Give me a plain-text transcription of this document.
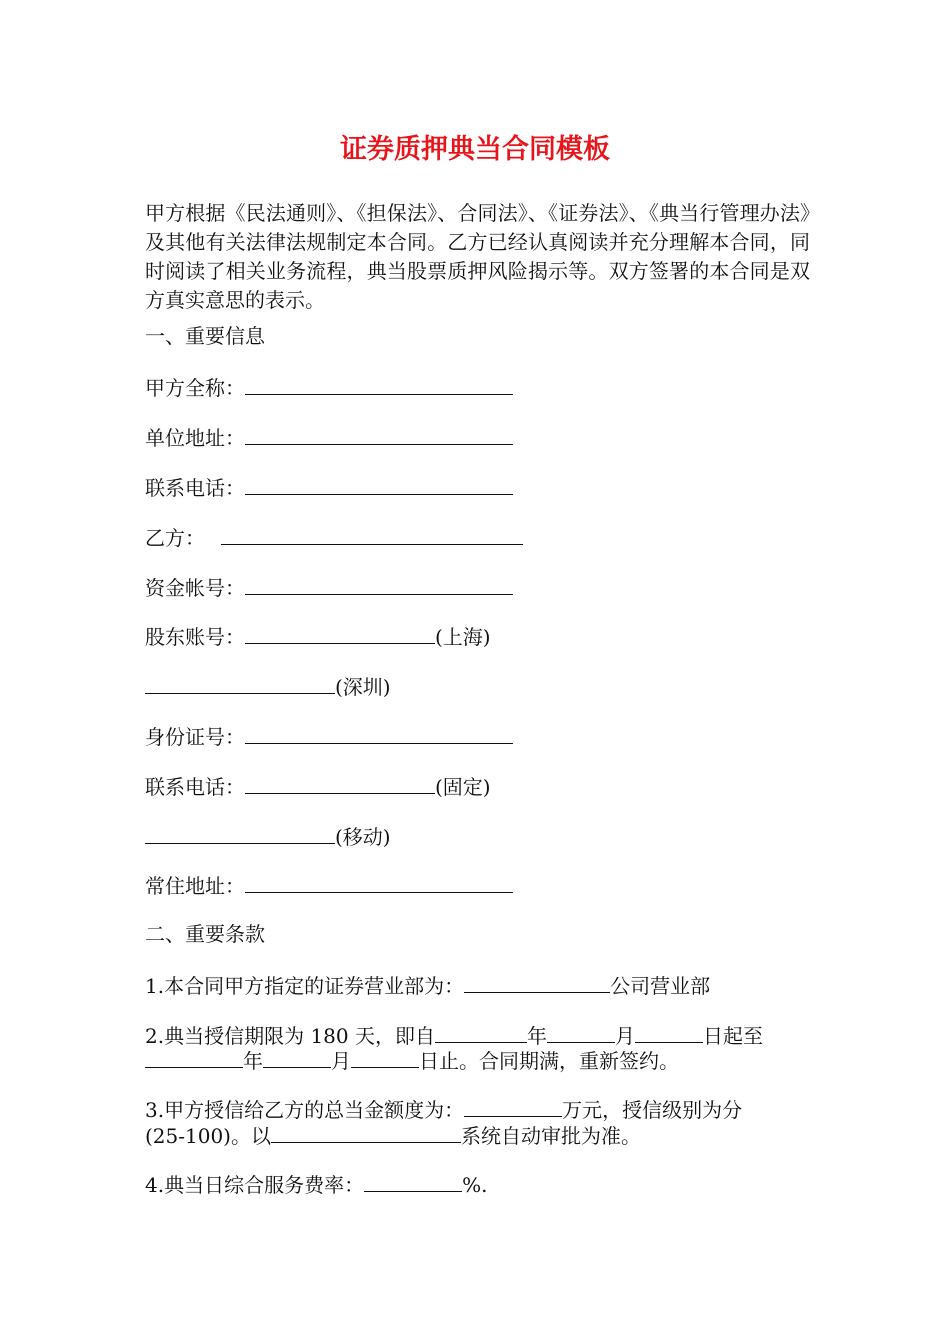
证券质押典当合同模板

甲方根据《民法通则》、《担保法》、合同法》、《证券法》、《典当行管理办法》及其他有关法律法规制定本合同。乙方已经认真阅读并充分理解本合同，同时阅读了相关业务流程，典当股票质押风险揭示等。双方签署的本合同是双方真实意思的表示。

一、重要信息
甲方全称：
单位地址：
联系电话：
乙方：
资金帐号：
股东账号：	(上海)
(深圳)
身份证号：
联系电话：	(固定)
(移动)
常住地址：
二、重要条款
1.本合同甲方指定的证券营业部为：	公司营业部
2.典当授信期限为 180 天，即自	年	月	日起至
年	月	日止。合同期满，重新签约。
3.甲方授信给乙方的总当金额度为：	万元，授信级别为分
(25-100)。以	系统自动审批为准。
4.典当日综合服务费率：	%.
